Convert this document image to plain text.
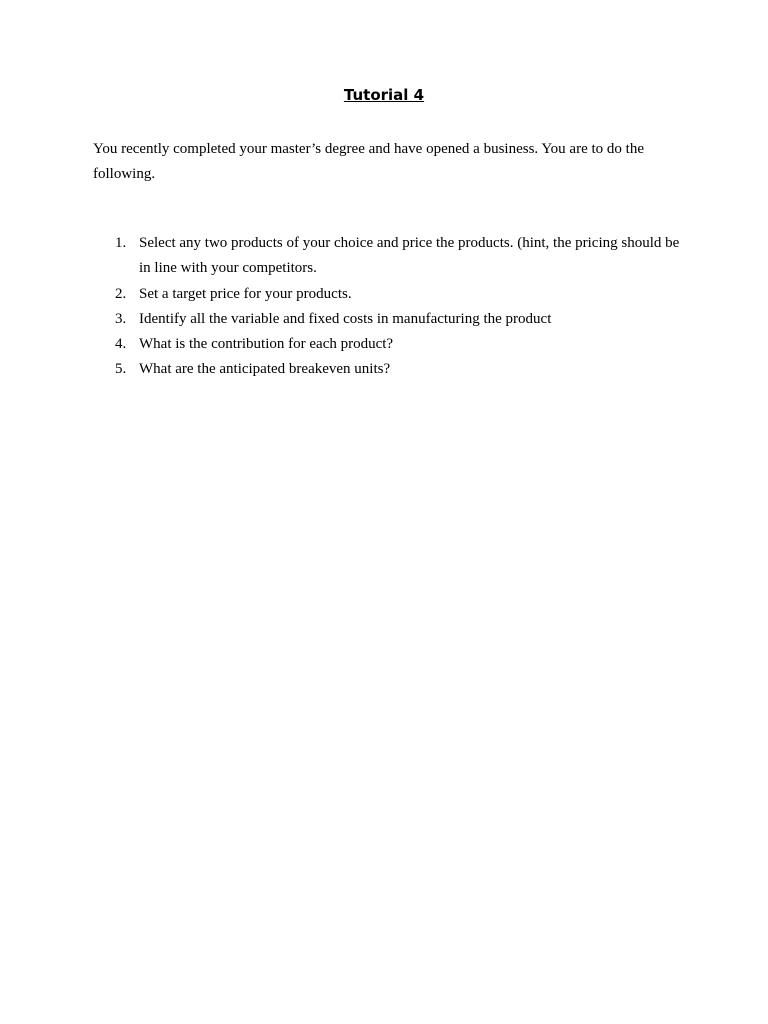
Tutorial 4

You recently completed your master’s degree and have opened a business. You are to do the following.

1. Select any two products of your choice and price the products. (hint, the pricing should be in line with your competitors.
2. Set a target price for your products.
3. Identify all the variable and fixed costs in manufacturing the product
4. What is the contribution for each product?
5. What are the anticipated breakeven units?
